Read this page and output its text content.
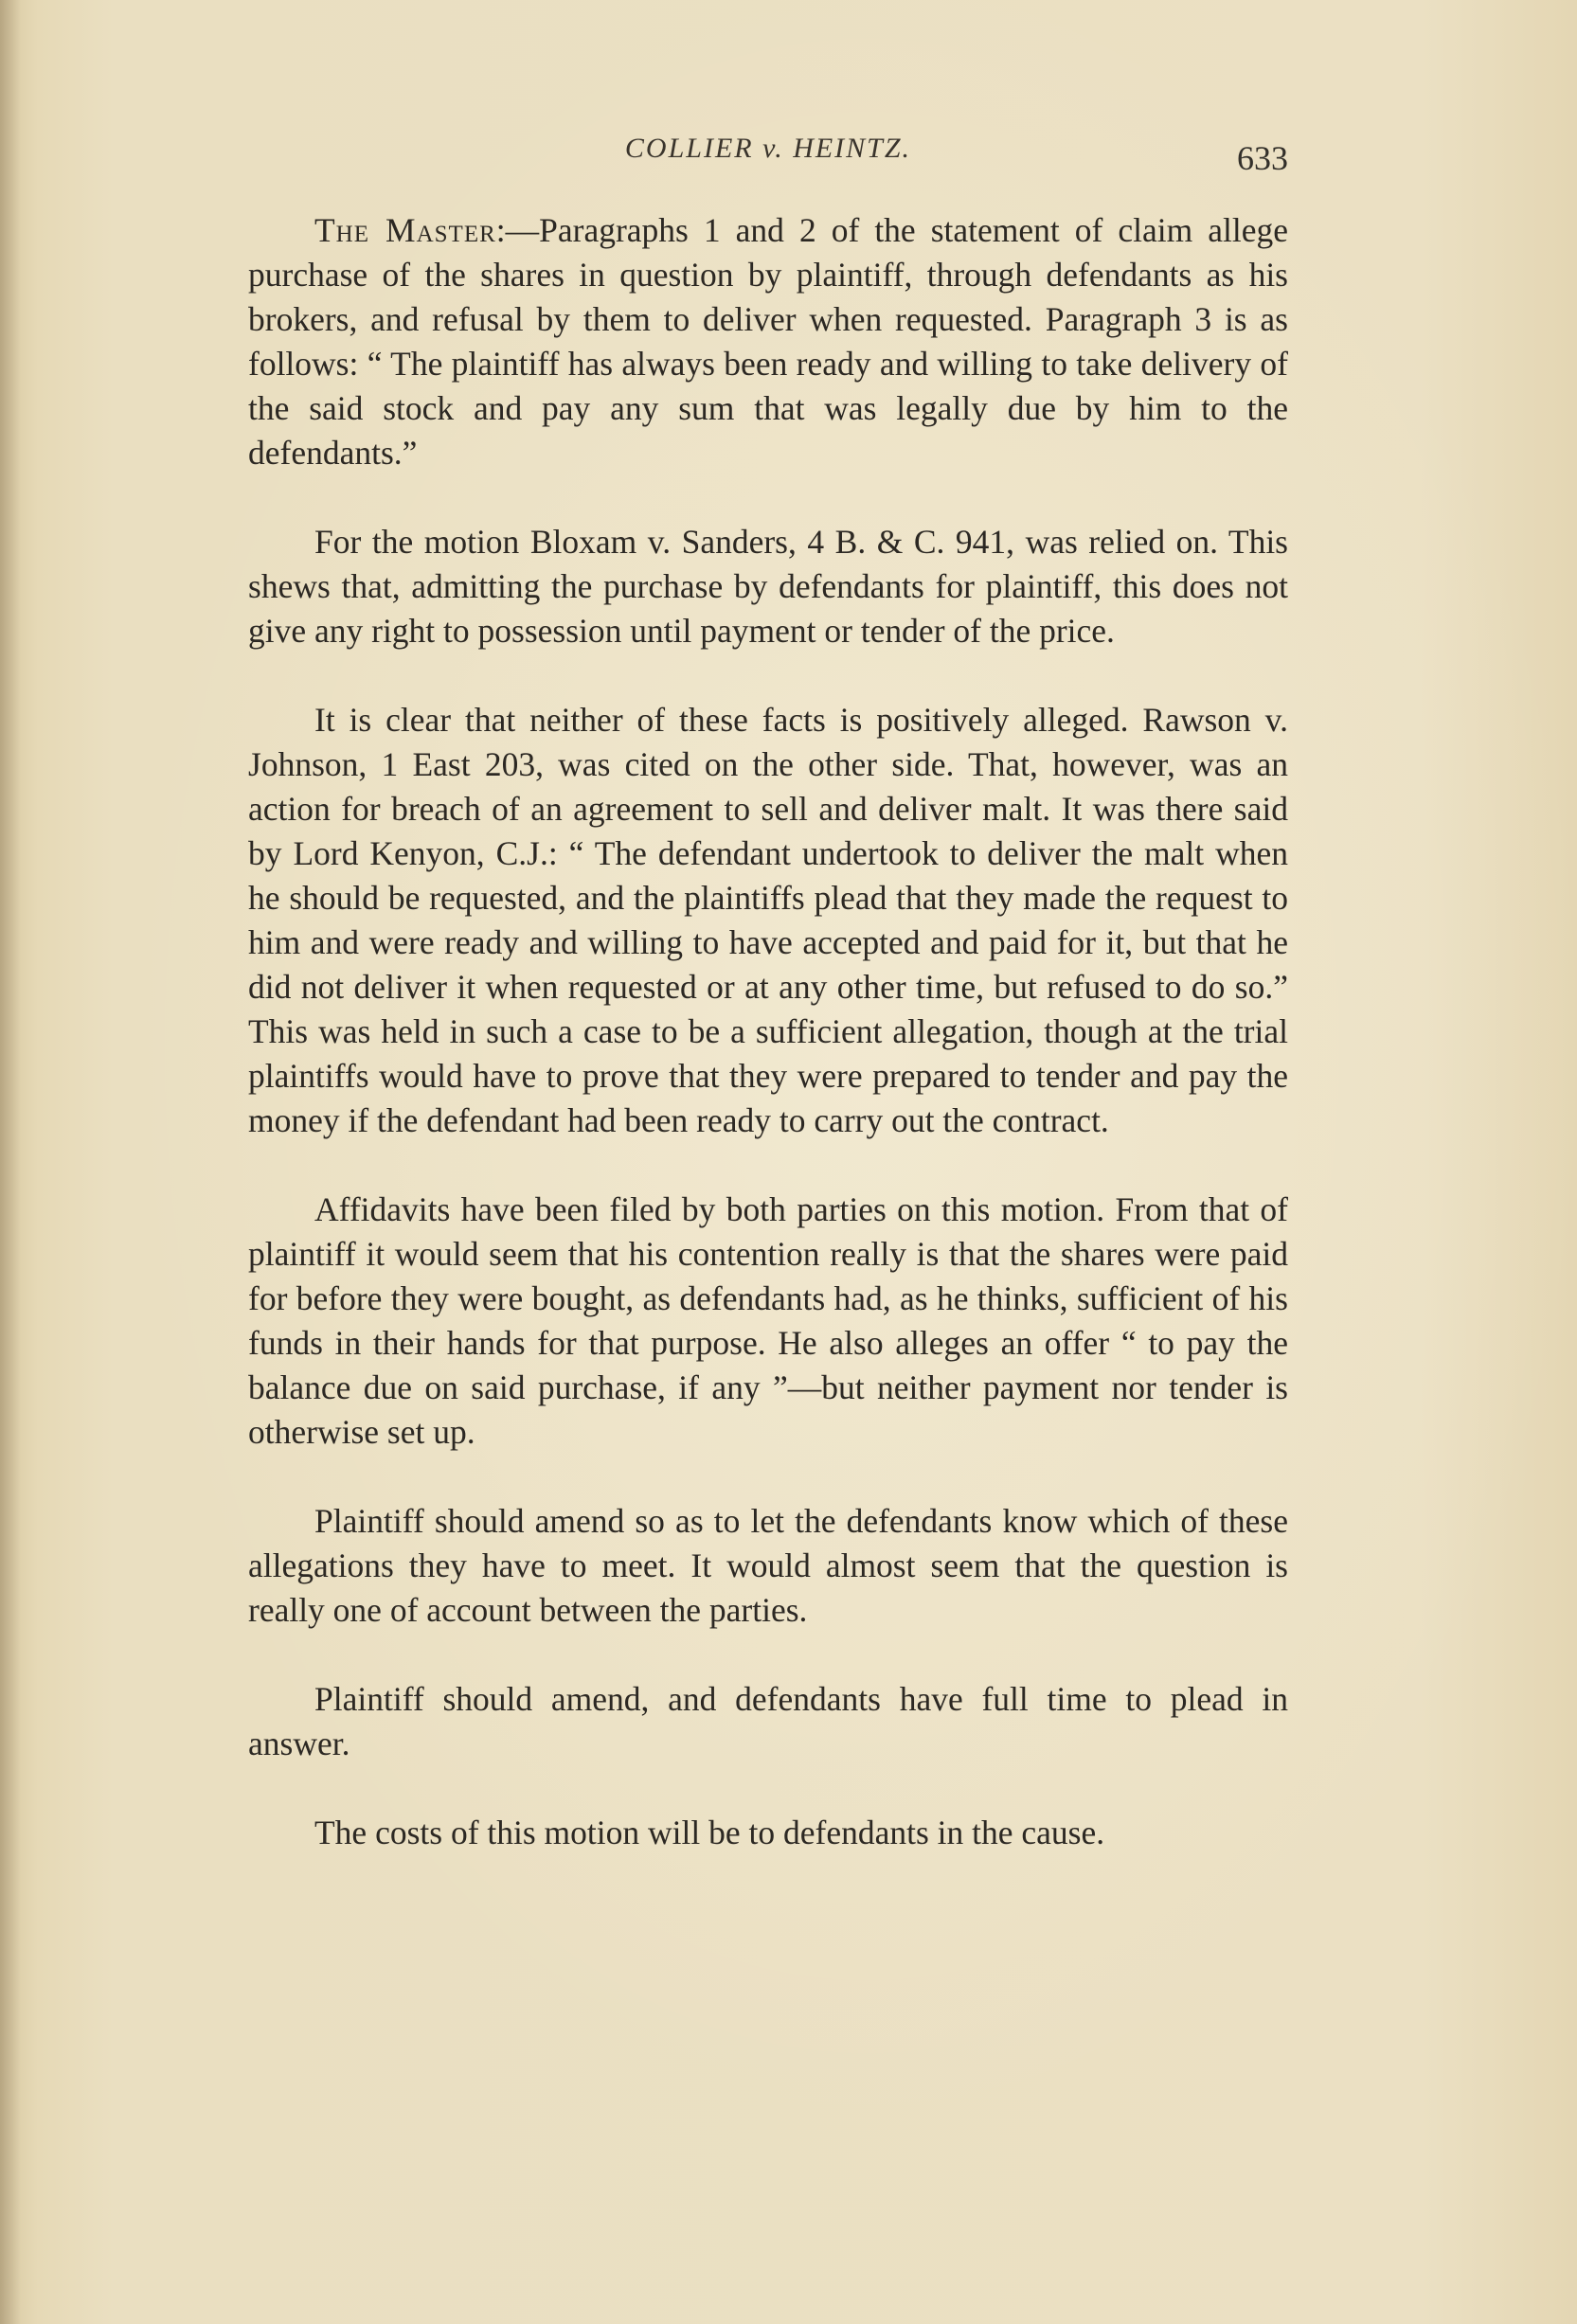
COLLIER v. HEINTZ.	633

The Master:—Paragraphs 1 and 2 of the statement of claim allege purchase of the shares in question by plaintiff, through defendants as his brokers, and refusal by them to deliver when requested. Paragraph 3 is as follows: “ The plaintiff has always been ready and willing to take delivery of the said stock and pay any sum that was legally due by him to the defendants.”

For the motion Bloxam v. Sanders, 4 B. & C. 941, was relied on. This shews that, admitting the purchase by defendants for plaintiff, this does not give any right to possession until payment or tender of the price.

It is clear that neither of these facts is positively alleged. Rawson v. Johnson, 1 East 203, was cited on the other side. That, however, was an action for breach of an agreement to sell and deliver malt. It was there said by Lord Kenyon, C.J.: “ The defendant undertook to deliver the malt when he should be requested, and the plaintiffs plead that they made the request to him and were ready and willing to have accepted and paid for it, but that he did not deliver it when requested or at any other time, but refused to do so.” This was held in such a case to be a sufficient allegation, though at the trial plaintiffs would have to prove that they were prepared to tender and pay the money if the defendant had been ready to carry out the contract.

Affidavits have been filed by both parties on this motion. From that of plaintiff it would seem that his contention really is that the shares were paid for before they were bought, as defendants had, as he thinks, sufficient of his funds in their hands for that purpose. He also alleges an offer “ to pay the balance due on said purchase, if any ”—but neither payment nor tender is otherwise set up.

Plaintiff should amend so as to let the defendants know which of these allegations they have to meet. It would almost seem that the question is really one of account between the parties.

Plaintiff should amend, and defendants have full time to plead in answer.

The costs of this motion will be to defendants in the cause.
